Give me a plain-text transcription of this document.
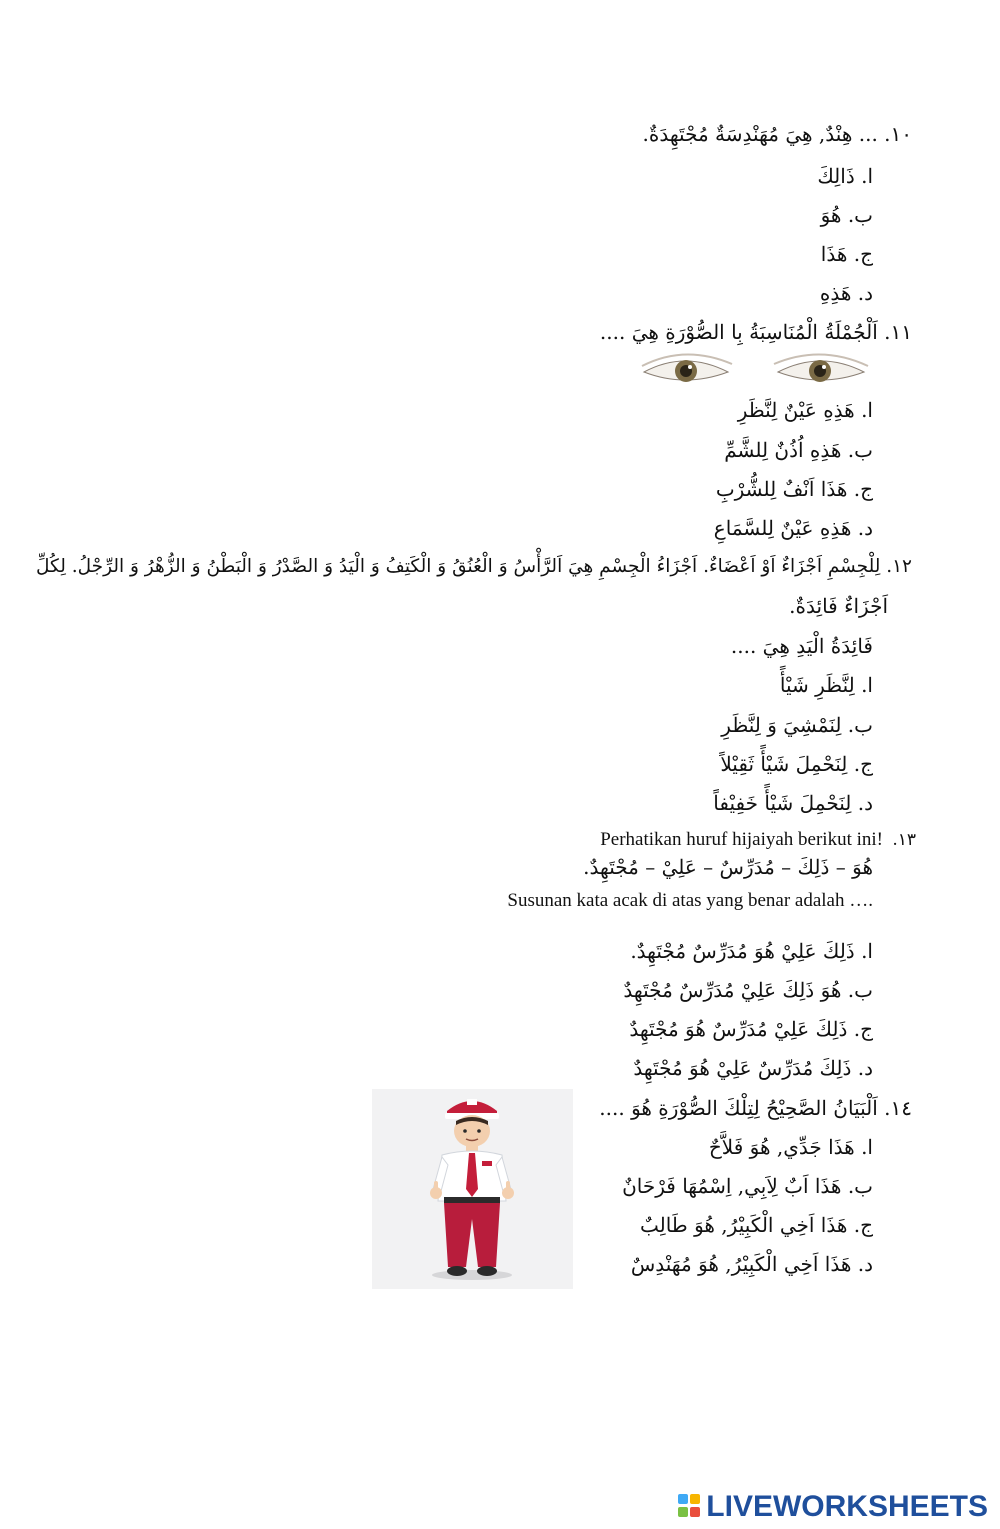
١٠. ... هِنْدٌ, هِيَ مُهَنْدِسَةٌ مُجْتَهِدَةٌ.
ا. ذَالِكَ
ب. هُوَ
ج. هَذَا
د. هَذِهِ
١١. اَلْجُمْلَةُ الْمُنَاسِبَةُ بِا الصُّوْرَةِ هِيَ ....
ا. هَذِهِ عَيْنٌ لِنَّظَرِ
ب. هَذِهِ اُذُنٌ لِلشَّمِّ
ج. هَذَا اَنْفٌ لِلشُّرْبِ
د. هَذِهِ عَيْنٌ لِلسَّمَاعِ
١٢. لِلْجِسْمِ اَجْزَاءٌ اَوْ اَعْضَاءٌ. اَجْزَاءُ الْجِسْمِ هِيَ اَلرَّأْسُ وَ الْعُنُقُ وَ الْكَتِفُ وَ الْيَدُ وَ الصَّدْرُ وَ الْبَطْنُ وَ الزُّهْرُ وَ الرِّجْلُ. لِكُلِّ
اَجْزَاءٌ فَائِدَةٌ.
فَائِدَةُ الْيَدِ هِيَ ....
ا. لِنَّظَرِ شَيْأً
ب. لِنَمْشِيَ وَ لِنَّظَرِ
ج. لِنَحْمِلَ شَيْأً ثَقِيْلاً
د. لِنَحْمِلَ شَيْأً خَفِيْفاً
١٣.
Perhatikan huruf hijaiyah berikut ini!
هُوَ – ذَلِكَ – مُدَرِّسٌ – عَلِيْ – مُجْتَهِدٌ.
Susunan kata acak di atas yang benar adalah ….
ا. ذَلِكَ عَلِيْ هُوَ مُدَرِّسٌ مُجْتَهِدٌ.
ب. هُوَ ذَلِكَ عَلِيْ مُدَرِّسٌ مُجْتَهِدٌ
ج. ذَلِكَ عَلِيْ مُدَرِّسٌ هُوَ مُجْتَهِدٌ
د. ذَلِكَ مُدَرِّسٌ عَلِيْ هُوَ مُجْتَهِدٌ
١٤. اَلْبَيَانُ الصَّحِيْحُ لِتِلْكَ الصُّوْرَةِ هُوَ ....
ا. هَذَا جَدِّي, هُوَ فَلاَّحٌ
ب. هَذَا اَبٌ لِاَبِي, اِسْمُهَا فَرْحَانٌ
ج. هَذَا اَخِي الْكَبِيْرُ, هُوَ طَالِبٌ
د. هَذَا اَخِي الْكَبِيْرُ, هُوَ مُهَنْدِسٌ
LIVEWORKSHEETS
